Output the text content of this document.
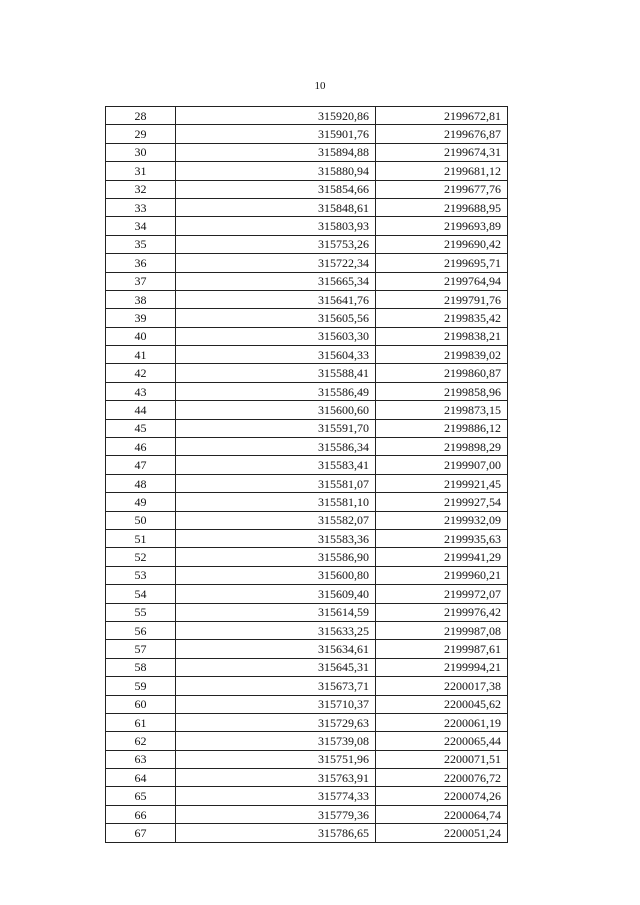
10
28	315920,86	2199672,81
29	315901,76	2199676,87
30	315894,88	2199674,31
31	315880,94	2199681,12
32	315854,66	2199677,76
33	315848,61	2199688,95
34	315803,93	2199693,89
35	315753,26	2199690,42
36	315722,34	2199695,71
37	315665,34	2199764,94
38	315641,76	2199791,76
39	315605,56	2199835,42
40	315603,30	2199838,21
41	315604,33	2199839,02
42	315588,41	2199860,87
43	315586,49	2199858,96
44	315600,60	2199873,15
45	315591,70	2199886,12
46	315586,34	2199898,29
47	315583,41	2199907,00
48	315581,07	2199921,45
49	315581,10	2199927,54
50	315582,07	2199932,09
51	315583,36	2199935,63
52	315586,90	2199941,29
53	315600,80	2199960,21
54	315609,40	2199972,07
55	315614,59	2199976,42
56	315633,25	2199987,08
57	315634,61	2199987,61
58	315645,31	2199994,21
59	315673,71	2200017,38
60	315710,37	2200045,62
61	315729,63	2200061,19
62	315739,08	2200065,44
63	315751,96	2200071,51
64	315763,91	2200076,72
65	315774,33	2200074,26
66	315779,36	2200064,74
67	315786,65	2200051,24
